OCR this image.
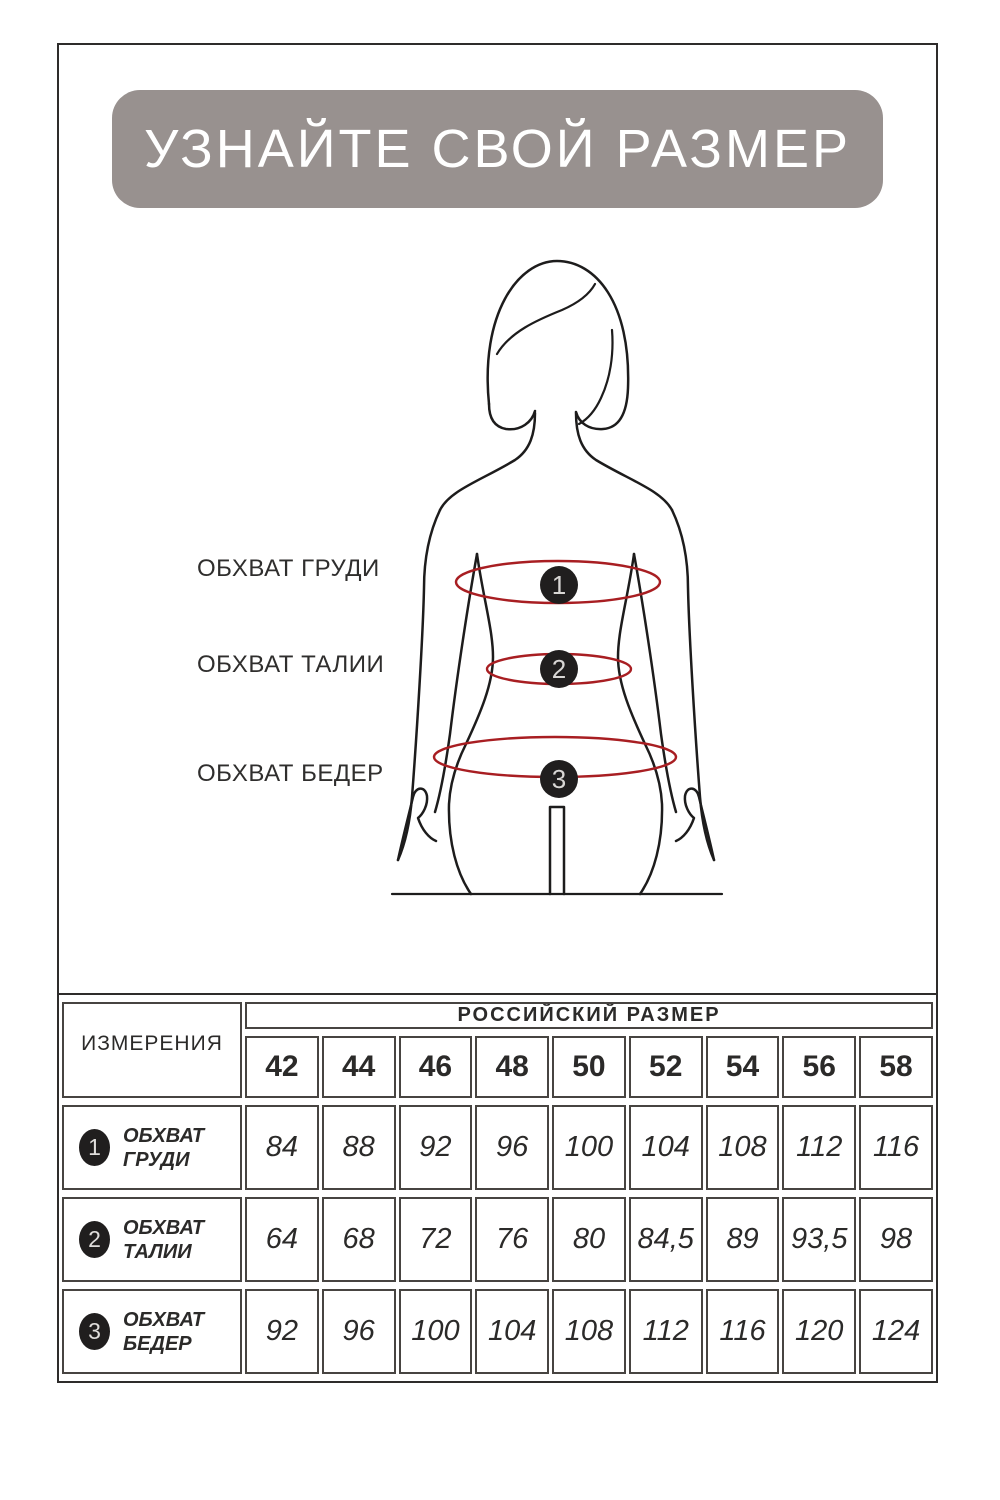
УЗНАЙТЕ СВОЙ РАЗМЕР
ОБХВАТ ГРУДИ
ОБХВАТ ТАЛИИ
ОБХВАТ БЕДЕР
1
2
3
ИЗМЕРЕНИЯ	РОССИЙСКИЙ РАЗМЕР								
	42	44	46	48	50	52	54	56	58

1 ОБХВАТ ГРУДИ	84	88	92	96	100	104	108	112	116

2 ОБХВАТ ТАЛИИ	64	68	72	76	80	84,5	89	93,5	98

3 ОБХВАТ БЕДЕР	92	96	100	104	108	112	116	120	124
